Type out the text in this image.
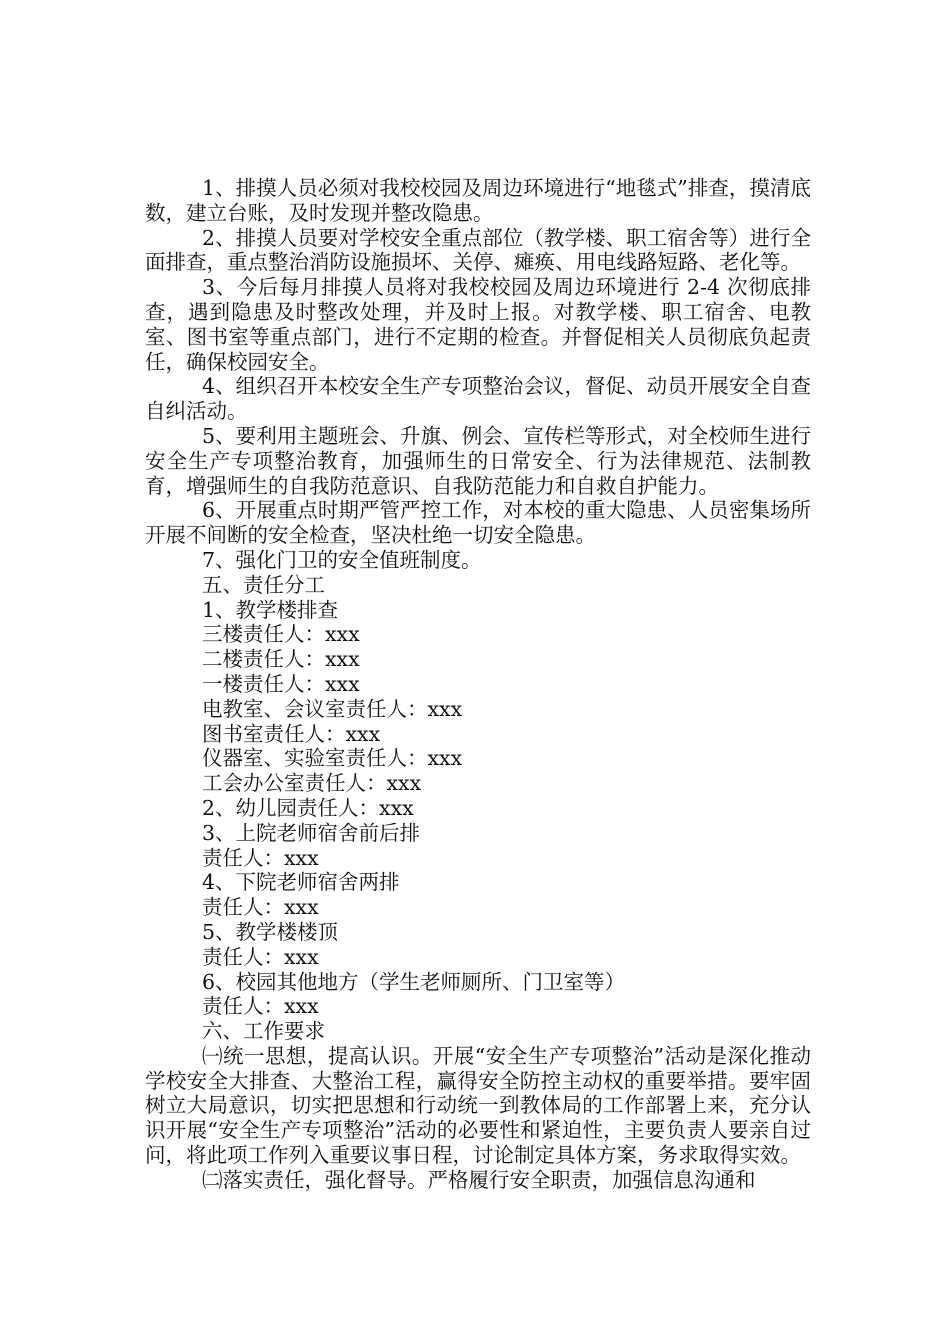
1、排摸人员必须对我校校园及周边环境进行“地毯式”排查，摸清底数，建立台账，及时发现并整改隐患。

2、排摸人员要对学校安全重点部位（教学楼、职工宿舍等）进行全面排查，重点整治消防设施损坏、关停、瘫痪、用电线路短路、老化等。

3、今后每月排摸人员将对我校校园及周边环境进行 2-4 次彻底排查，遇到隐患及时整改处理，并及时上报。对教学楼、职工宿舍、电教室、图书室等重点部门，进行不定期的检查。并督促相关人员彻底负起责任，确保校园安全。

4、组织召开本校安全生产专项整治会议，督促、动员开展安全自查自纠活动。

5、要利用主题班会、升旗、例会、宣传栏等形式，对全校师生进行安全生产专项整治教育，加强师生的日常安全、行为法律规范、法制教育，增强师生的自我防范意识、自我防范能力和自救自护能力。

6、开展重点时期严管严控工作，对本校的重大隐患、人员密集场所开展不间断的安全检查，坚决杜绝一切安全隐患。

7、强化门卫的安全值班制度。

五、责任分工

1、教学楼排查

三楼责任人：xxx

二楼责任人：xxx

一楼责任人：xxx

电教室、会议室责任人：xxx

图书室责任人：xxx

仪器室、实验室责任人：xxx

工会办公室责任人：xxx

2、幼儿园责任人：xxx

3、上院老师宿舍前后排

责任人：xxx

4、下院老师宿舍两排

责任人：xxx

5、教学楼楼顶

责任人：xxx

6、校园其他地方（学生老师厕所、门卫室等）

责任人：xxx

六、工作要求

㈠统一思想，提高认识。开展“安全生产专项整治”活动是深化推动学校安全大排查、大整治工程，赢得安全防控主动权的重要举措。要牢固树立大局意识，切实把思想和行动统一到教体局的工作部署上来，充分认识开展“安全生产专项整治”活动的必要性和紧迫性，主要负责人要亲自过问，将此项工作列入重要议事日程，讨论制定具体方案，务求取得实效。

㈡落实责任，强化督导。严格履行安全职责，加强信息沟通和
